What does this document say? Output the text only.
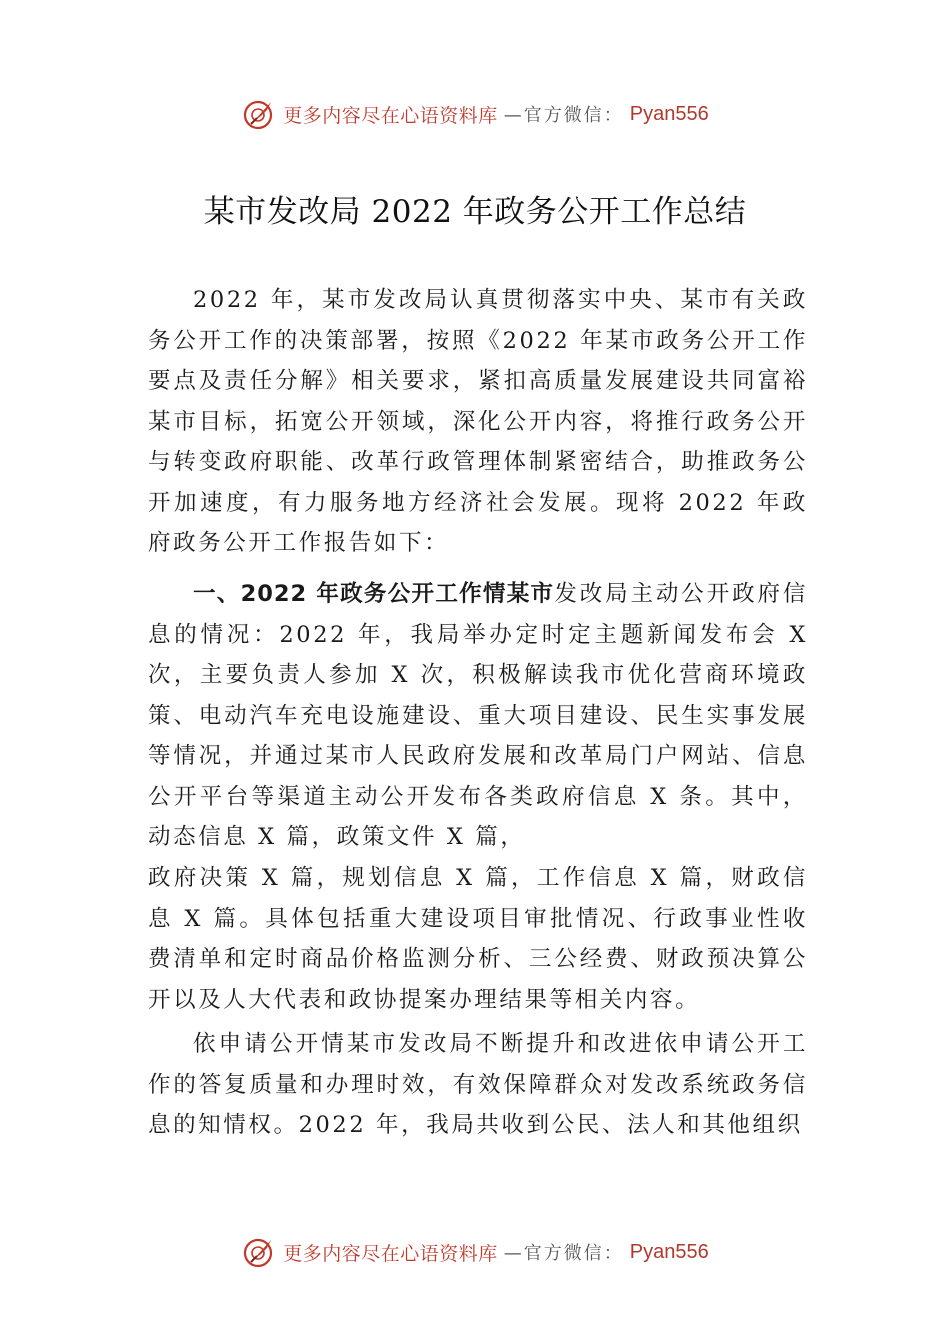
更多内容尽在心语资料库 —官方微信： Pyan556
某市发改局 2022 年政务公开工作总结

2022 年，某市发改局认真贯彻落实中央、某市有关政务公开工作的决策部署，按照《2022 年某市政务公开工作要点及责任分解》相关要求，紧扣高质量发展建设共同富裕某市目标，拓宽公开领域，深化公开内容，将推行政务公开与转变政府职能、改革行政管理体制紧密结合，助推政务公开加速度，有力服务地方经济社会发展。现将 2022 年政府政务公开工作报告如下：

一、2022 年政务公开工作情某市发改局主动公开政府信息的情况：2022 年，我局举办定时定主题新闻发布会 X 次，主要负责人参加 X 次，积极解读我市优化营商环境政策、电动汽车充电设施建设、重大项目建设、民生实事发展等情况，并通过某市人民政府发展和改革局门户网站、信息公开平台等渠道主动公开发布各类政府信息 X 条。其中，动态信息 X 篇，政策文件 X 篇，

政府决策 X 篇，规划信息 X 篇，工作信息 X 篇，财政信息 X 篇。具体包括重大建设项目审批情况、行政事业性收费清单和定时商品价格监测分析、三公经费、财政预决算公开以及人大代表和政协提案办理结果等相关内容。

依申请公开情某市发改局不断提升和改进依申请公开工作的答复质量和办理时效，有效保障群众对发改系统政务信息的知情权。2022 年，我局共收到公民、法人和其他组织

更多内容尽在心语资料库 —官方微信： Pyan556
